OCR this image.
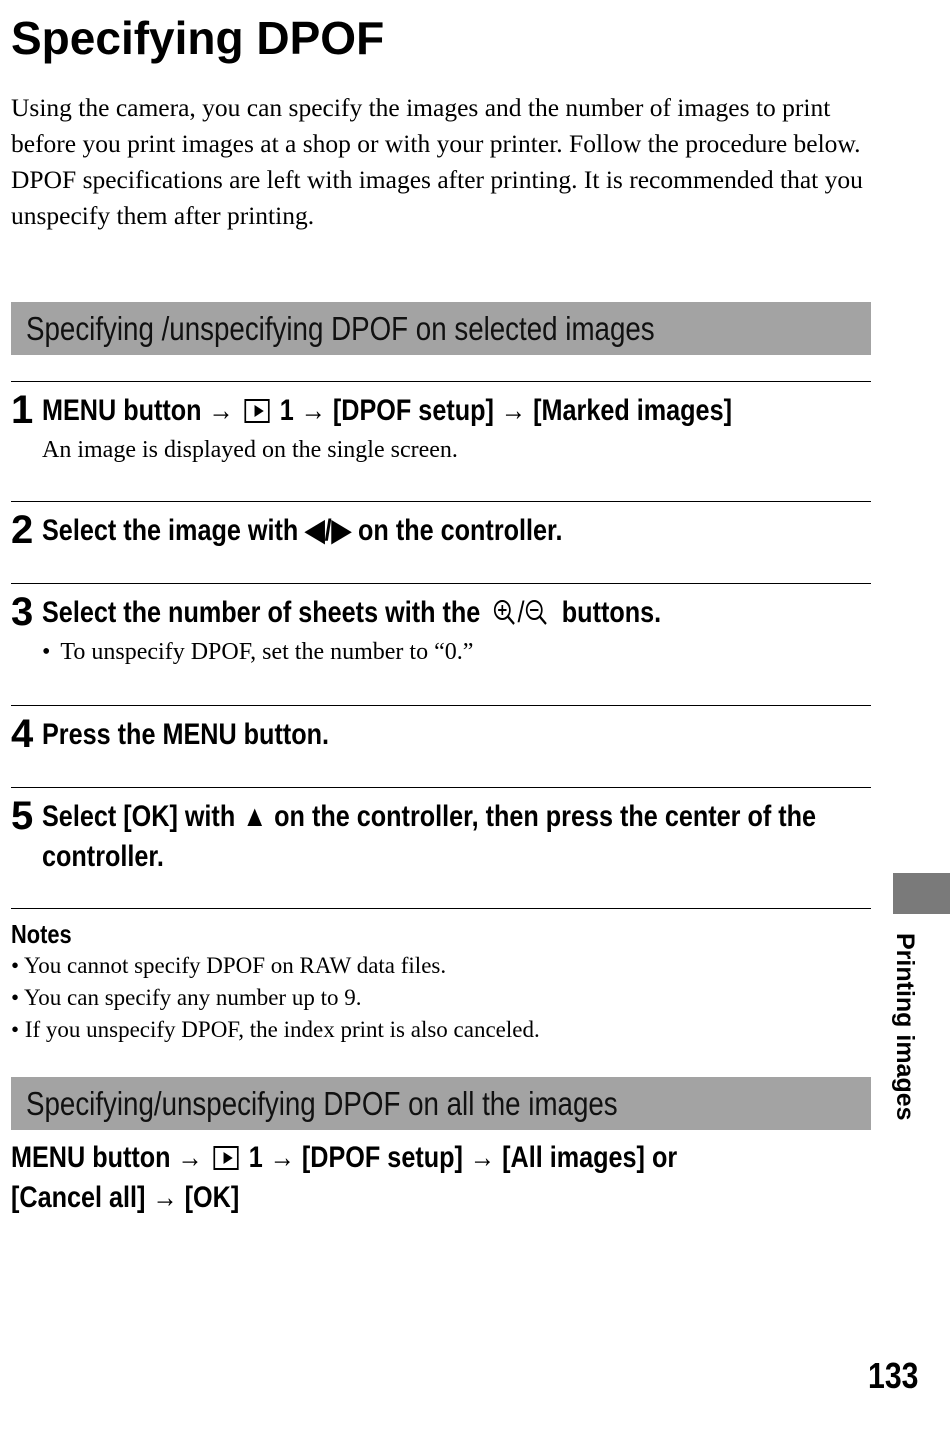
Specifying DPOF

Using the camera, you can specify the images and the number of images to print before you print images at a shop or with your printer. Follow the procedure below.

DPOF specifications are left with images after printing. It is recommended that you unspecify them after printing.

Specifying /unspecifying DPOF on selected images
1 MENU button → 1 → [DPOF setup] → [Marked images]
An image is displayed on the single screen.
2 Select the image with ◀/▶ on the controller.
3 Select the number of sheets with the / buttons.
• To unspecify DPOF, set the number to “0.”
4 Press the MENU button.
5 Select [OK] with ▲ on the controller, then press the center of the controller.
Notes
• You cannot specify DPOF on RAW data files.
• You can specify any number up to 9.
• If you unspecify DPOF, the index print is also canceled.
Specifying/unspecifying DPOF on all the images
MENU button → 1 → [DPOF setup] → [All images] or
[Cancel all] → [OK]
Printing images
133
